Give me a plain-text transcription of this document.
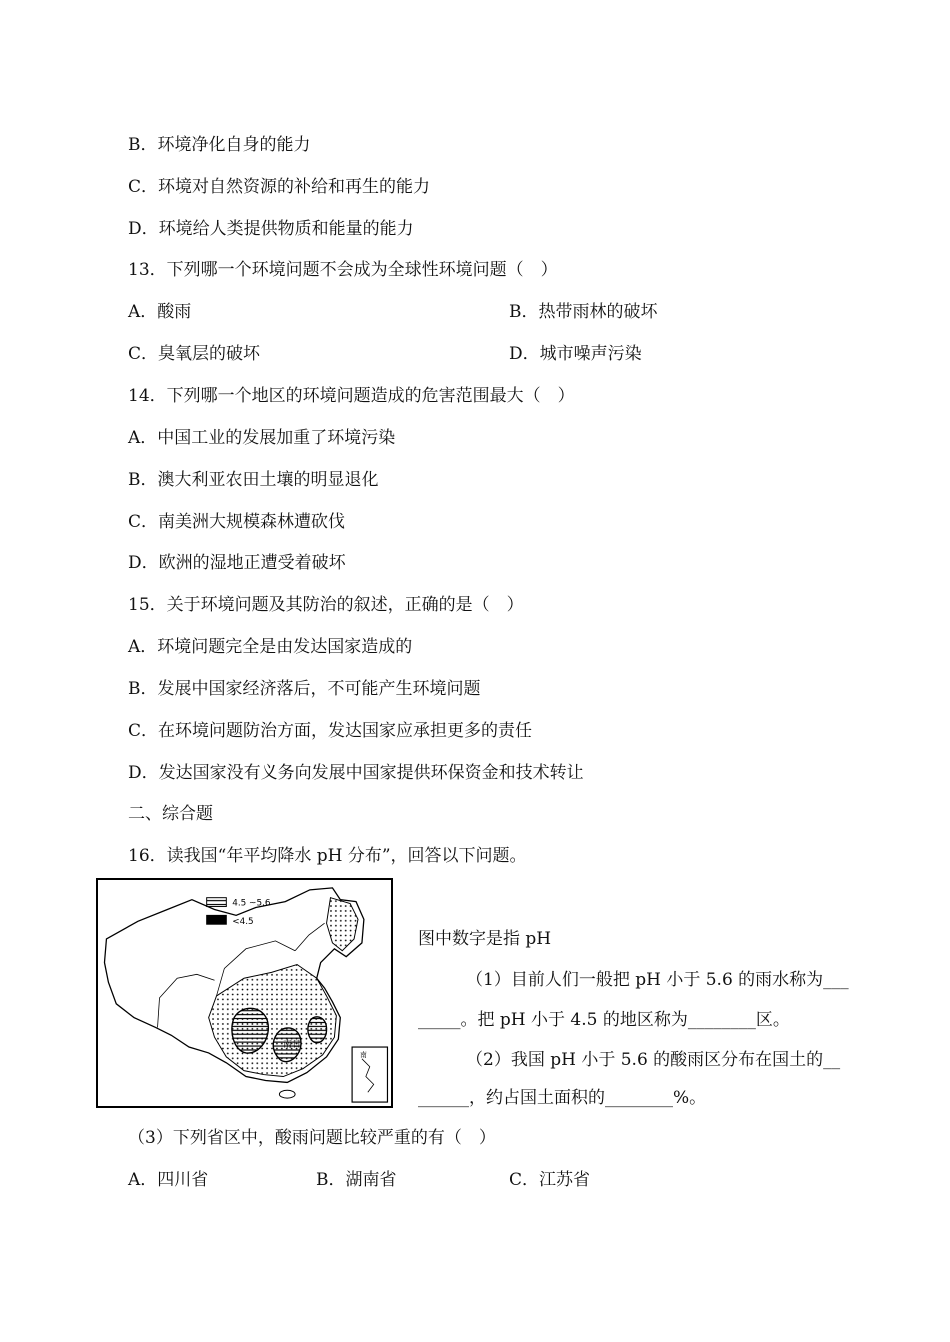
B．环境净化自身的能力
C．环境对自然资源的补给和再生的能力
D．环境给人类提供物质和能量的能力
13．下列哪一个环境问题不会成为全球性环境问题（　）
A．酸雨	B．热带雨林的破坏
C．臭氧层的破坏	D．城市噪声污染
14．下列哪一个地区的环境问题造成的危害范围最大（　）
A．中国工业的发展加重了环境污染
B．澳大利亚农田土壤的明显退化
C．南美洲大规模森林遭砍伐
D．欧洲的湿地正遭受着破坏
15．关于环境问题及其防治的叙述，正确的是（　）
A．环境问题完全是由发达国家造成的
B．发展中国家经济落后，不可能产生环境问题
C．在环境问题防治方面，发达国家应承担更多的责任
D．发达国家没有义务向发展中国家提供环保资金和技术转让
二、综合题
16．读我国“年平均降水 pH 分布”，回答以下问题。
4.5 ~5.6
<4.5
南日
南
图中数字是指 pH
（1）目前人们一般把 pH 小于 5.6 的雨水称为___
_____。把 pH 小于 4.5 的地区称为________区。
（2）我国 pH 小于 5.6 的酸雨区分布在国土的__
______，约占国土面积的________%。
（3）下列省区中，酸雨问题比较严重的有（　）
A．四川省	B．湖南省	C．江苏省
